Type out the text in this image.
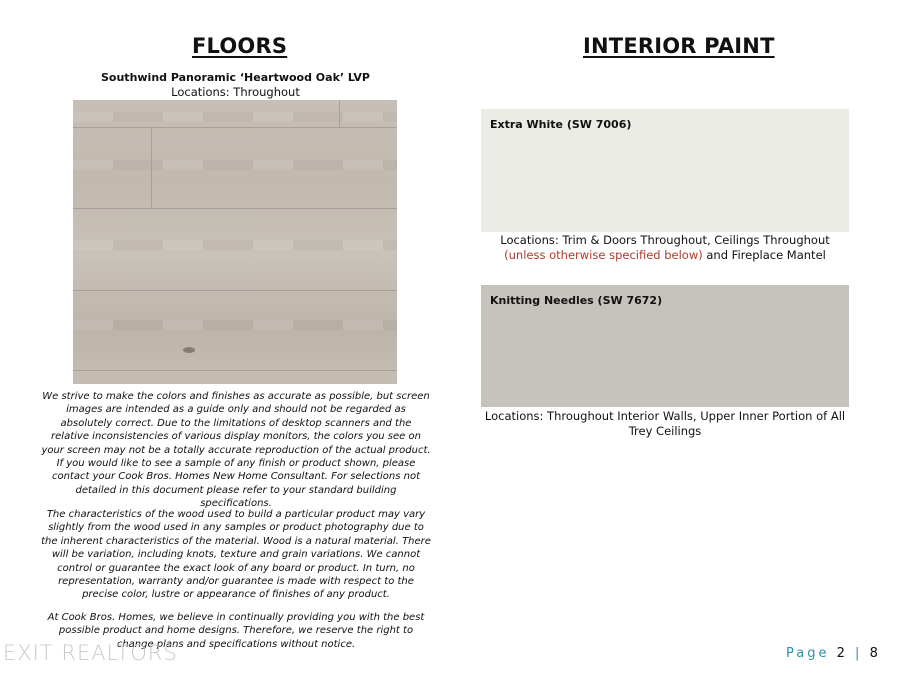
FLOORS	INTERIOR PAINT
Southwind Panoramic ‘Heartwood Oak’ LVP
Locations: Throughout
We strive to make the colors and finishes as accurate as possible, but screen images are intended as a guide only and should not be regarded as absolutely correct. Due to the limitations of desktop scanners and the relative inconsistencies of various display monitors, the colors you see on your screen may not be a totally accurate reproduction of the actual product. If you would like to see a sample of any finish or product shown, please contact your Cook Bros. Homes New Home Consultant. For selections not detailed in this document please refer to your standard building specifications.
The characteristics of the wood used to build a particular product may vary slightly from the wood used in any samples or product photography due to the inherent characteristics of the material. Wood is a natural material. There will be variation, including knots, texture and grain variations. We cannot control or guarantee the exact look of any board or product. In turn, no representation, warranty and/or guarantee is made with respect to the precise color, lustre or appearance of finishes of any product.
At Cook Bros. Homes, we believe in continually providing you with the best possible product and home designs. Therefore, we reserve the right to change plans and specifications without notice.
Extra White (SW 7006)
Locations: Trim & Doors Throughout, Ceilings Throughout (unless otherwise specified below) and Fireplace Mantel
Knitting Needles (SW 7672)
Locations: Throughout Interior Walls, Upper Inner Portion of All Trey Ceilings
EXIT REALTORS	Page 2 | 8
